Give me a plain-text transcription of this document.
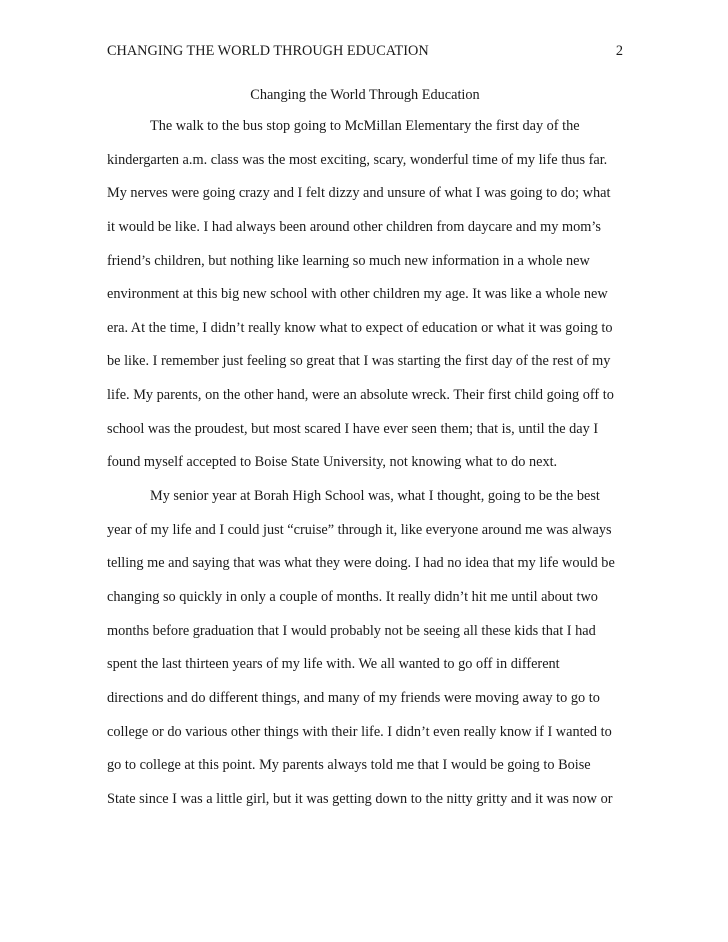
CHANGING THE WORLD THROUGH EDUCATION	2
Changing the World Through Education
The walk to the bus stop going to McMillan Elementary the first day of the
kindergarten a.m. class was the most exciting, scary, wonderful time of my life thus far.
My nerves were going crazy and I felt dizzy and unsure of what I was going to do; what
it would be like. I had always been around other children from daycare and my mom’s
friend’s children, but nothing like learning so much new information in a whole new
environment at this big new school with other children my age. It was like a whole new
era. At the time, I didn’t really know what to expect of education or what it was going to
be like. I remember just feeling so great that I was starting the first day of the rest of my
life. My parents, on the other hand, were an absolute wreck. Their first child going off to
school was the proudest, but most scared I have ever seen them; that is, until the day I
found myself accepted to Boise State University, not knowing what to do next.
My senior year at Borah High School was, what I thought, going to be the best
year of my life and I could just “cruise” through it, like everyone around me was always
telling me and saying that was what they were doing. I had no idea that my life would be
changing so quickly in only a couple of months. It really didn’t hit me until about two
months before graduation that I would probably not be seeing all these kids that I had
spent the last thirteen years of my life with. We all wanted to go off in different
directions and do different things, and many of my friends were moving away to go to
college or do various other things with their life. I didn’t even really know if I wanted to
go to college at this point. My parents always told me that I would be going to Boise
State since I was a little girl, but it was getting down to the nitty gritty and it was now or
